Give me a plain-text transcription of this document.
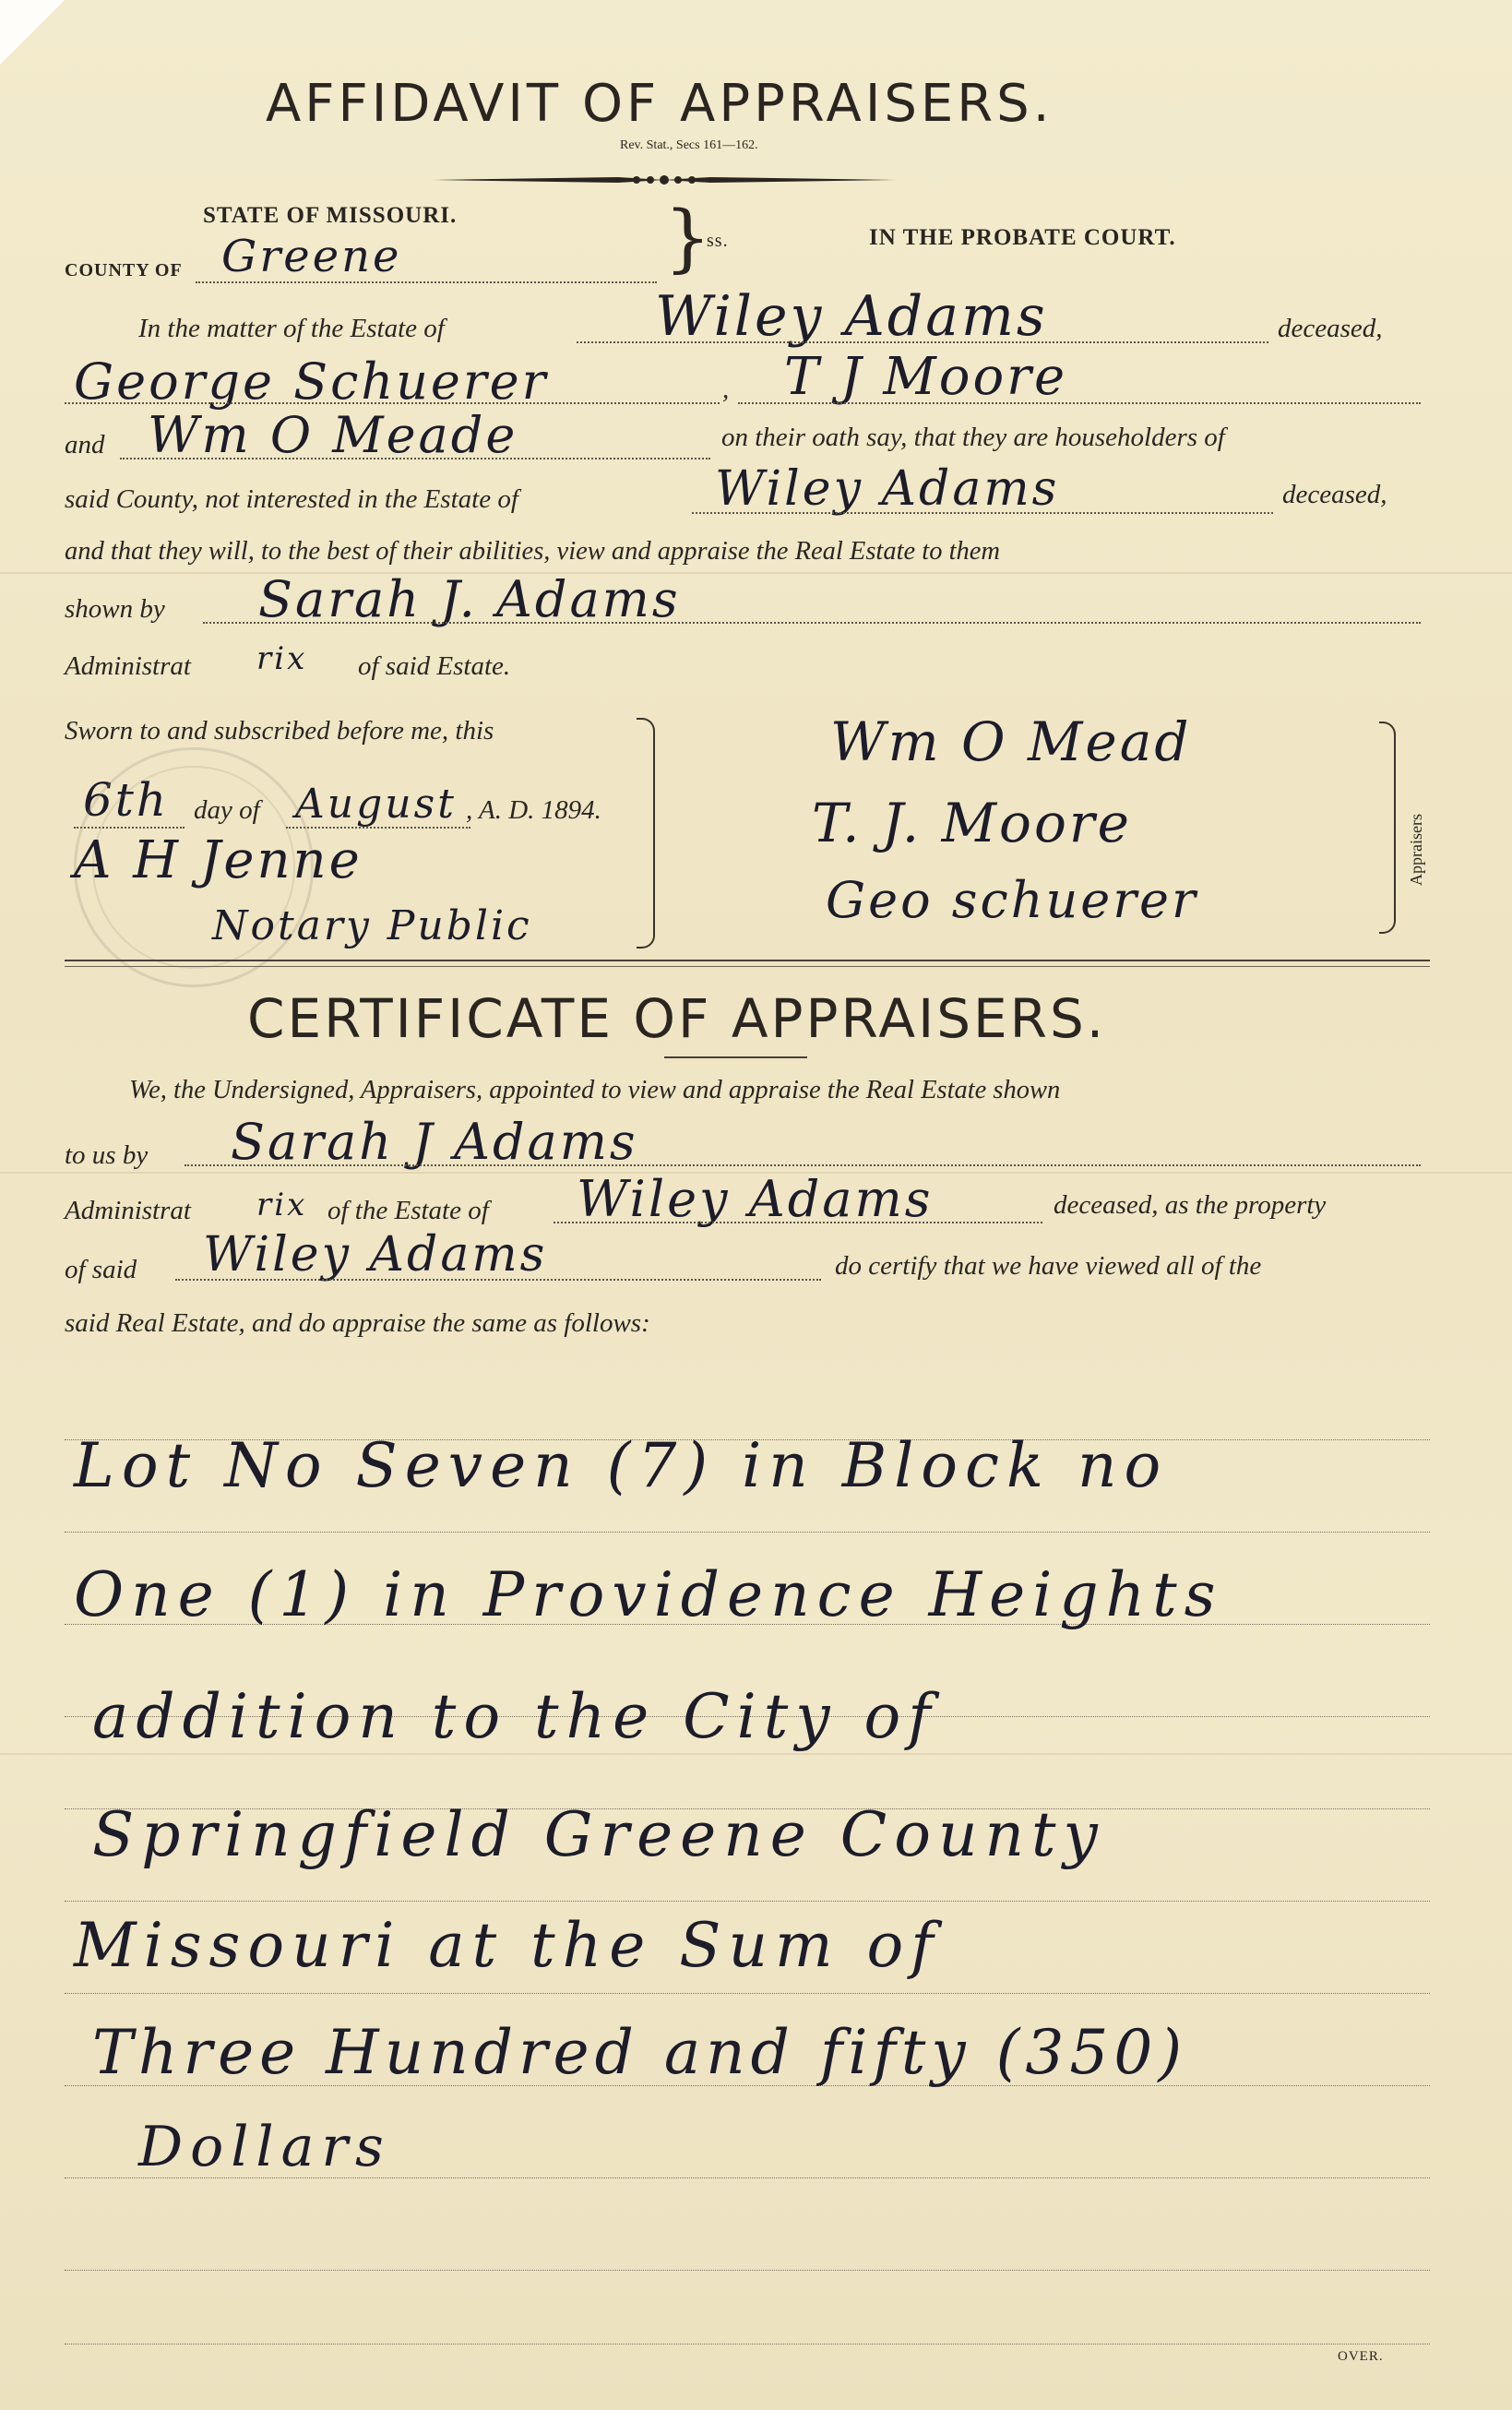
AFFIDAVIT OF APPRAISERS.
Rev. Stat., Secs 161—162.
STATE OF MISSOURI.
COUNTY OF Greene	}
ss.	IN THE PROBATE COURT.
In the matter of the Estate of	Wiley Adams	deceased,
George Schuerer	, T J Moore
and Wm O Meade	on their oath say, that they are householders of
said County, not interested in the Estate of	Wiley Adams	deceased,
and that they will, to the best of their abilities, view and appraise the Real Estate to them
shown by Sarah J. Adams
Administrat rix of said Estate.
Sworn to and subscribed before me, this
6th day of August , A. D. 1894.
A H Jenne
Notary Public
Wm O Mead
T. J. Moore
Geo schuerer
Appraisers
CERTIFICATE OF APPRAISERS.
We, the Undersigned, Appraisers, appointed to view and appraise the Real Estate shown
to us by Sarah J Adams
Administrat rix of the Estate of Wiley Adams	deceased, as the property
of said Wiley Adams	do certify that we have viewed all of the
said Real Estate, and do appraise the same as follows:
Lot No Seven (7) in Block no
One (1) in Providence Heights
addition to the City of
Springfield Greene County
Missouri at the Sum of
Three Hundred and fifty (350)
Dollars
OVER.
